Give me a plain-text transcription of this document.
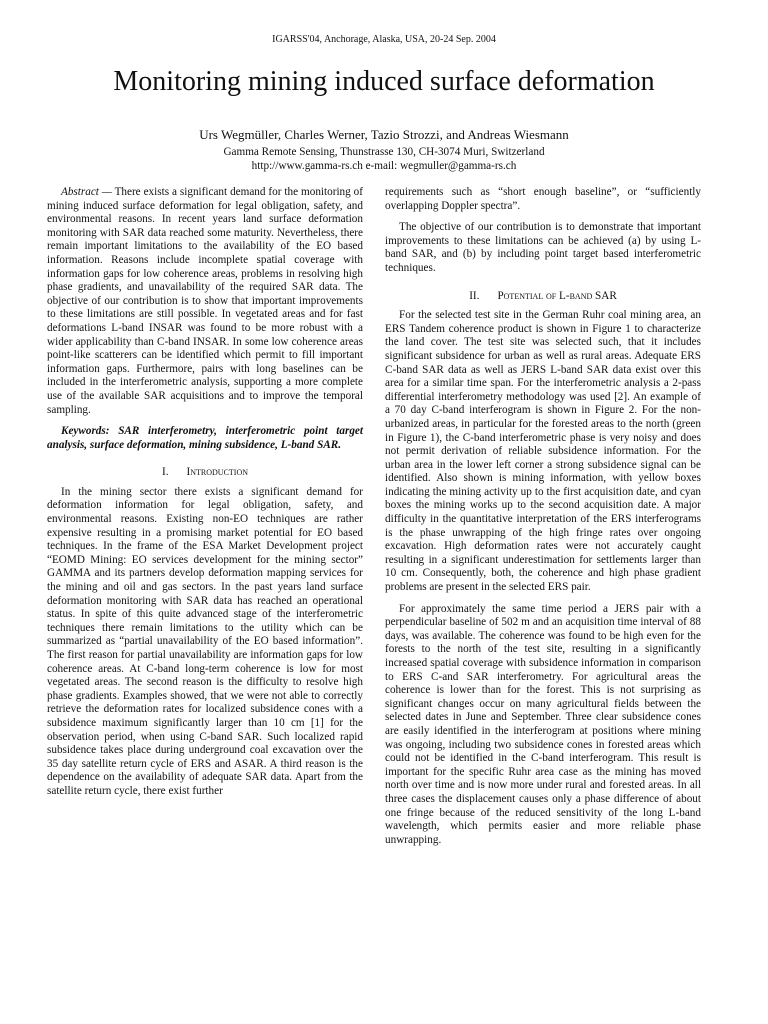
IGARSS'04, Anchorage, Alaska, USA, 20-24 Sep. 2004
Monitoring mining induced surface deformation
Urs Wegmüller, Charles Werner, Tazio Strozzi, and Andreas Wiesmann
Gamma Remote Sensing, Thunstrasse 130, CH-3074 Muri, Switzerland
http://www.gamma-rs.ch e-mail: wegmuller@gamma-rs.ch

Abstract — There exists a significant demand for the monitoring of mining induced surface deformation for legal obligation, safety, and environmental reasons. In recent years land surface deformation monitoring with SAR data reached some maturity. Nevertheless, there remain important limitations to the availability of the EO based information. Reasons include incomplete spatial coverage with information gaps for low coherence areas, problems in resolving high phase gradients, and unavailability of the required SAR data. The objective of our contribution is to show that important improvements to these limitations are still possible. In vegetated areas and for fast deformations L-band INSAR was found to be more robust with a wider applicability than C-band INSAR. In some low coherence areas point-like scatterers can be identified which permit to fill important information gaps. Furthermore, pairs with long baselines can be included in the interferometric analysis, supporting a more complete use of the available SAR acquisitions and to improve the temporal sampling.

Keywords: SAR interferometry, interferometric point target analysis, surface deformation, mining subsidence, L-band SAR.

I. Introduction

In the mining sector there exists a significant demand for deformation information for legal obligation, safety, and environmental reasons. Existing non-EO techniques are rather expensive resulting in a promising market potential for EO based techniques. In the frame of the ESA Market Development project “EOMD Mining: EO services development for the mining sector” GAMMA and its partners develop deformation mapping services for the mining and oil and gas sectors. In the past years land surface deformation monitoring with SAR data has reached an operational status. In spite of this quite advanced stage of the interferometric techniques there remain limitations to the utility which can be summarized as “partial unavailability of the EO based information”. The first reason for partial unavailability are information gaps for low coherence areas. At C-band long-term coherence is low for most vegetated areas. The second reason is the difficulty to resolve high phase gradients. Examples showed, that we were not able to correctly retrieve the deformation rates for localized subsidence cones with a subsidence maximum significantly larger than 10 cm [1] for the observation period, when using C-band SAR. Such localized rapid subsidence takes place during underground coal excavation over the 35 day satellite return cycle of ERS and ASAR. A third reason is the dependence on the availability of adequate SAR data. Apart from the satellite return cycle, there exist further

requirements such as “short enough baseline”, or “sufficiently overlapping Doppler spectra”.

The objective of our contribution is to demonstrate that important improvements to these limitations can be achieved (a) by using L-band SAR, and (b) by including point target based interferometric techniques.

II. Potential of L-band SAR

For the selected test site in the German Ruhr coal mining area, an ERS Tandem coherence product is shown in Figure 1 to characterize the land cover. The test site was selected such, that it includes significant subsidence for urban as well as rural areas. Adequate ERS C-band SAR data as well as JERS L-band SAR data exist over this area for a similar time span. For the interferometric analysis a 2-pass differential interferometry methodology was used [2]. An example of a 70 day C-band interferogram is shown in Figure 2. For the non-urbanized areas, in particular for the forested areas to the north (green in Figure 1), the C-band interferometric phase is very noisy and does not permit derivation of reliable subsidence information. For the urban area in the lower left corner a strong subsidence signal can be identified. Also shown is mining information, with yellow boxes indicating the mining activity up to the first acquisition date, and cyan boxes the mining works up to the second acquisition date. A major difficulty in the quantitative interpretation of the ERS interferograms is the phase unwrapping of the high fringe rates over ongoing excavation. High deformation rates were not accurately caught resulting in a significant underestimation for settlements larger than 10 cm. Consequently, both, the coherence and high phase gradient problems are present in the selected ERS pair.

For approximately the same time period a JERS pair with a perpendicular baseline of 502 m and an acquisition time interval of 88 days, was available. The coherence was found to be high even for the forests to the north of the test site, resulting in a significantly increased spatial coverage with subsidence information in comparison to ERS C-and SAR interferometry. For agricultural areas the coherence is lower than for the forest. This is not surprising as significant changes occur on many agricultural fields between the selected dates in June and September. Three clear subsidence cones are easily identified in the interferogram at positions where mining was ongoing, including two subsidence cones in forested areas which could not be identified in the C-band interferogram. This result is important for the specific Ruhr area case as the mining has moved north over time and is now more under rural and forested areas. In all three cases the displacement causes only a phase difference of about one fringe because of the reduced sensitivity of the long L-band wavelength, which permits easier and more reliable phase unwrapping.
